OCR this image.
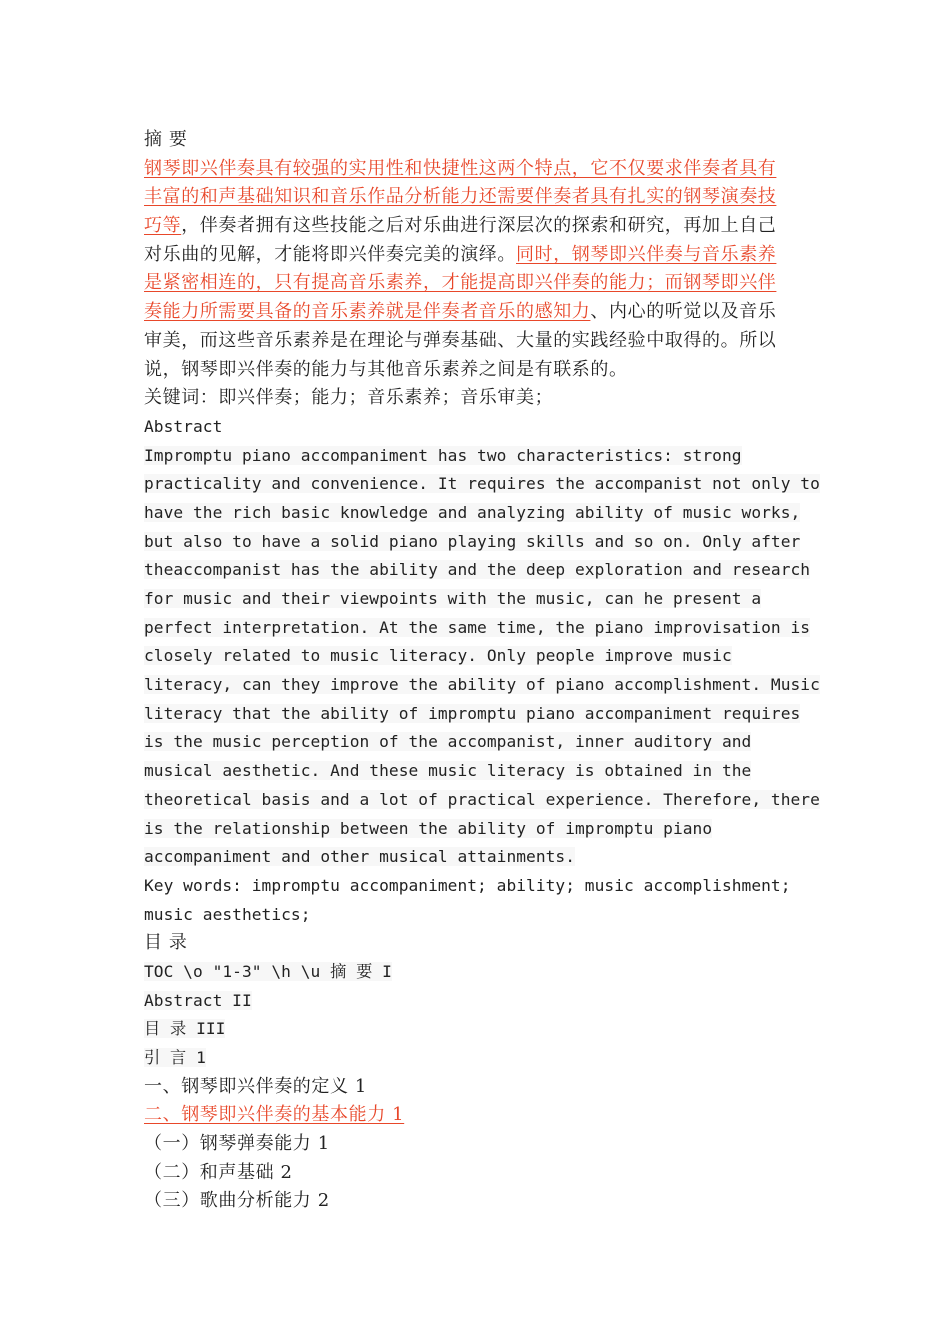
摘 要
钢琴即兴伴奏具有较强的实用性和快捷性这两个特点，它不仅要求伴奏者具有
丰富的和声基础知识和音乐作品分析能力还需要伴奏者具有扎实的钢琴演奏技
巧等，伴奏者拥有这些技能之后对乐曲进行深层次的探索和研究，再加上自己
对乐曲的见解，才能将即兴伴奏完美的演绎。同时，钢琴即兴伴奏与音乐素养
是紧密相连的，只有提高音乐素养，才能提高即兴伴奏的能力；而钢琴即兴伴
奏能力所需要具备的音乐素养就是伴奏者音乐的感知力、内心的听觉以及音乐
审美，而这些音乐素养是在理论与弹奏基础、大量的实践经验中取得的。所以
说，钢琴即兴伴奏的能力与其他音乐素养之间是有联系的。
关键词：即兴伴奏；能力；音乐素养；音乐审美；
Abstract
Impromptu piano accompaniment has two characteristics: strong
practicality and convenience. It requires the accompanist not only to
have the rich basic knowledge and analyzing ability of music works,
but also to have a solid piano playing skills and so on. Only after
theaccompanist has the ability and the deep exploration and research
for music and their viewpoints with the music, can he present a
perfect interpretation. At the same time, the piano improvisation is
closely related to music literacy. Only people improve music
literacy, can they improve the ability of piano accomplishment. Music
literacy that the ability of impromptu piano accompaniment requires
is the music perception of the accompanist, inner auditory and
musical aesthetic. And these music literacy is obtained in the
theoretical basis and a lot of practical experience. Therefore, there
is the relationship between the ability of impromptu piano
accompaniment and other musical attainments.
Key words: impromptu accompaniment; ability; music accomplishment;
music aesthetics;
目 录
TOC \o "1-3" \h \u 摘 要 I
Abstract II
目 录 III
引 言 1
一、钢琴即兴伴奏的定义 1
二、钢琴即兴伴奏的基本能力 1
（一）钢琴弹奏能力 1
（二）和声基础 2
（三）歌曲分析能力 2
